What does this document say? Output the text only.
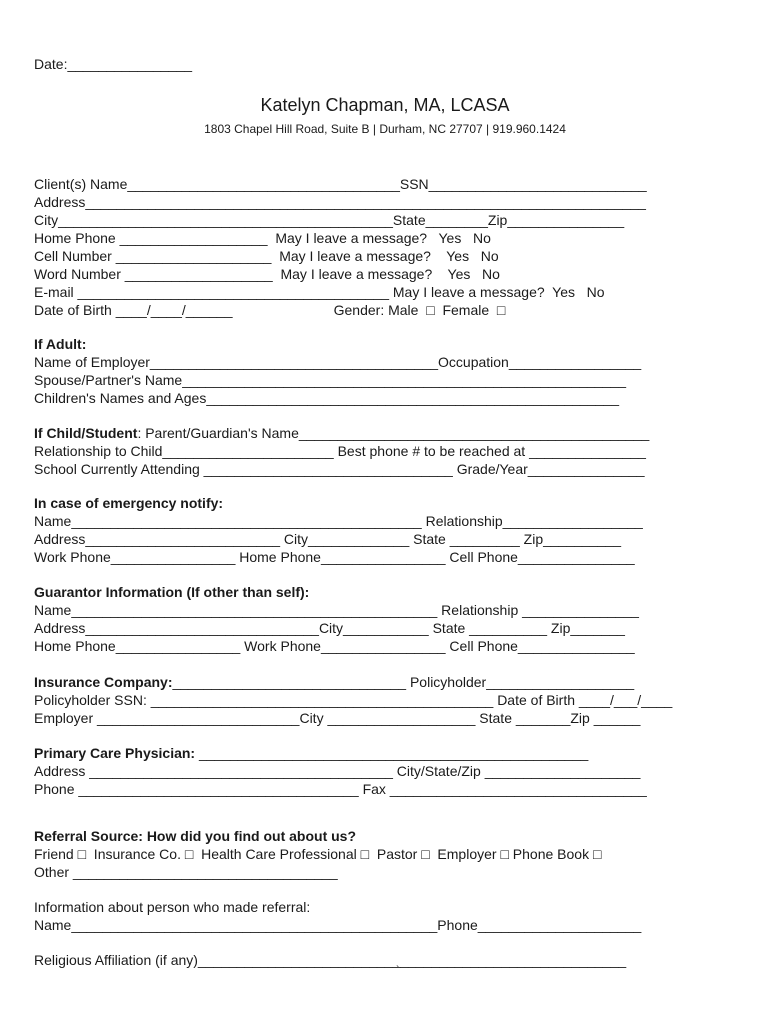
Date:________________
Katelyn Chapman, MA, LCASA
1803 Chapel Hill Road, Suite B | Durham, NC 27707 | 919.960.1424
Client(s) Name___________________________________SSN____________________________
Address________________________________________________________________________
City___________________________________________State________Zip_______________
Home Phone ___________________  May I leave a message?   Yes   No
Cell Number ____________________  May I leave a message?    Yes   No
Word Number ___________________  May I leave a message?    Yes   No
E-mail ________________________________________ May I leave a message?  Yes   No
Date of Birth ____/____/______                          Gender: Male  □  Female  □
If Adult:
Name of Employer_____________________________________Occupation_________________
Spouse/Partner's Name_________________________________________________________
Children's Names and Ages_____________________________________________________
If Child/Student: Parent/Guardian's Name_____________________________________________
Relationship to Child______________________ Best phone # to be reached at _______________
School Currently Attending ________________________________ Grade/Year_______________
In case of emergency notify:
Name_____________________________________________ Relationship__________________
Address_________________________ City_____________ State _________ Zip__________
Work Phone________________ Home Phone________________ Cell Phone_______________
Guarantor Information (If other than self):
Name_______________________________________________ Relationship _______________
Address______________________________City___________ State __________ Zip_______
Home Phone________________ Work Phone________________ Cell Phone_______________
Insurance Company:______________________________ Policyholder___________________
Policyholder SSN: ____________________________________________ Date of Birth ____/___/____
Employer __________________________City ___________________ State _______Zip ______
Primary Care Physician: __________________________________________________
Address _______________________________________ City/State/Zip ____________________
Phone ____________________________________ Fax _________________________________
Referral Source: How did you find out about us?
Friend □  Insurance Co. □  Health Care Professional □  Pastor □  Employer □ Phone Book □
Other __________________________________
Information about person who made referral:
Name_______________________________________________Phone_____________________
Religious Affiliation (if any)_______________________________________________________
`
